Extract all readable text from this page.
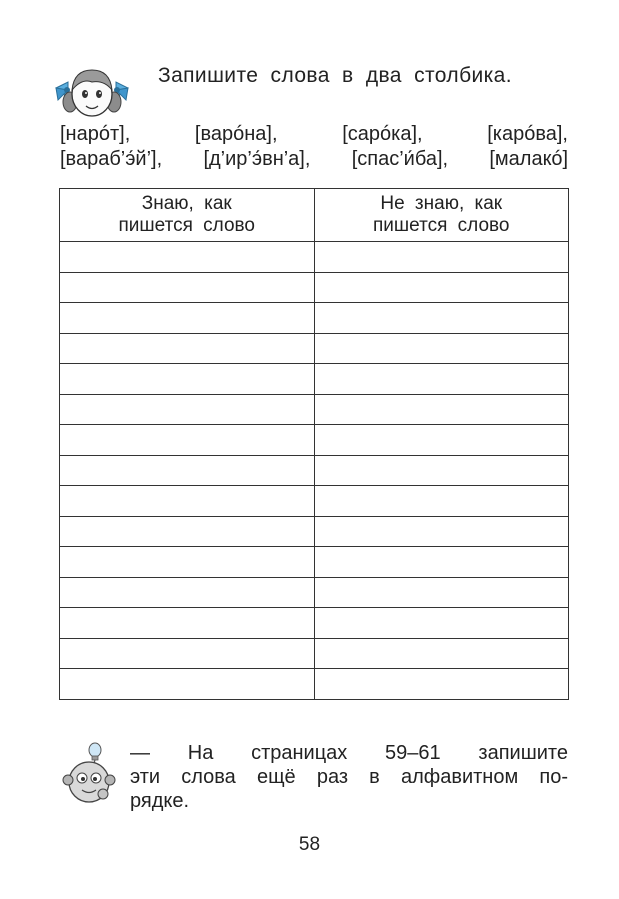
Запишите слова в два столбика.
[нарóт],	[варóна],	[сарóка],	[карóва],
[вараб’э́й’], [д’ир’э́вн’а], [спас’и́ба], [малакó]
Знаю, как
пишется слово	Не знаю, как
пишется слово

— На страницах 59–61 запишите
эти слова ещё раз в алфавитном по-
рядке.
58
